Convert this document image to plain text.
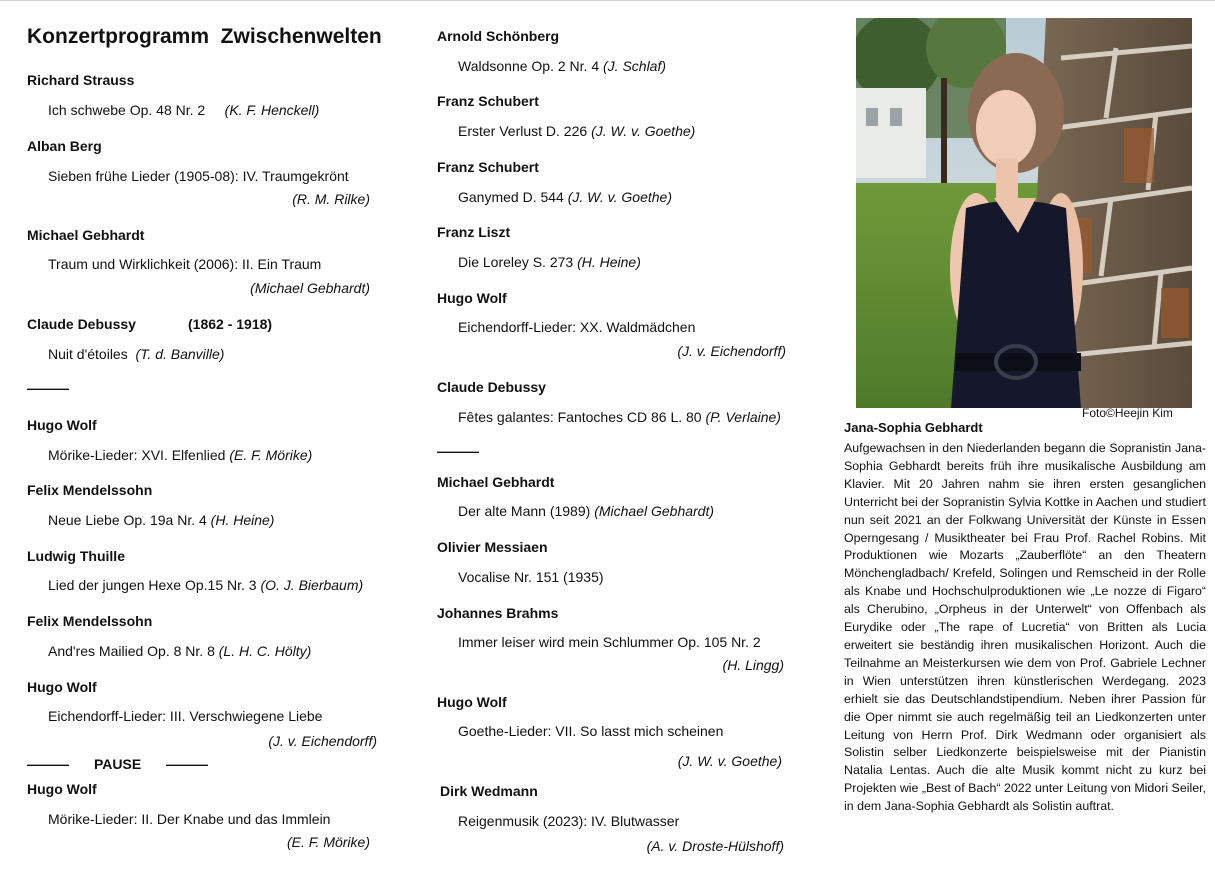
Konzertprogramm  Zwischenwelten
Richard Strauss
Ich schwebe Op. 48 Nr. 2 (K. F. Henckell)
Alban Berg
Sieben frühe Lieder (1905-08): IV. Traumgekrönt
(R. M. Rilke)
Michael Gebhardt
Traum und Wirklichkeit (2006): II. Ein Traum
(Michael Gebhardt)
Claude Debussy	(1862 - 1918)
Nuit d'étoiles (T. d. Banville)
———
Hugo Wolf
Mörike-Lieder: XVI. Elfenlied (E. F. Mörike)
Felix Mendelssohn
Neue Liebe Op. 19a Nr. 4 (H. Heine)
Ludwig Thuille
Lied der jungen Hexe Op.15 Nr. 3 (O. J. Bierbaum)
Felix Mendelssohn
And'res Mailied Op. 8 Nr. 8 (L. H. C. Hölty)
Hugo Wolf
Eichendorff-Lieder: III. Verschwiegene Liebe
(J. v. Eichendorff)
——— PAUSE ———
Hugo Wolf
Mörike-Lieder: II. Der Knabe und das Immlein
(E. F. Mörike)
Arnold Schönberg
Waldsonne Op. 2 Nr. 4 (J. Schlaf)
Franz Schubert
Erster Verlust D. 226 (J. W. v. Goethe)
Franz Schubert
Ganymed D. 544 (J. W. v. Goethe)
Franz Liszt
Die Loreley S. 273 (H. Heine)
Hugo Wolf
Eichendorff-Lieder: XX. Waldmädchen
(J. v. Eichendorff)
Claude Debussy
Fêtes galantes: Fantoches CD 86 L. 80 (P. Verlaine)
———
Michael Gebhardt
Der alte Mann (1989) (Michael Gebhardt)
Olivier Messiaen
Vocalise Nr. 151 (1935)
Johannes Brahms
Immer leiser wird mein Schlummer Op. 105 Nr. 2
(H. Lingg)
Hugo Wolf
Goethe-Lieder: VII. So lasst mich scheinen
(J. W. v. Goethe)
Dirk Wedmann
Reigenmusik (2023): IV. Blutwasser
(A. v. Droste-Hülshoff)
Foto©Heejin Kim
Jana-Sophia Gebhardt

Aufgewachsen in den Niederlanden begann die Sopranistin Jana-Sophia Gebhardt bereits früh ihre musikalische Ausbildung am Klavier. Mit 20 Jahren nahm sie ihren ersten gesanglichen Unterricht bei der Sopranistin Sylvia Kottke in Aachen und studiert nun seit 2021 an der Folkwang Universität der Künste in Essen Operngesang / Musiktheater bei Frau Prof. Rachel Robins. Mit Produktionen wie Mozarts „Zauberflöte“ an den Theatern Mönchengladbach/ Krefeld, Solingen und Remscheid in der Rolle als Knabe und Hochschulproduktionen wie „Le nozze di Figaro“ als Cherubino, „Orpheus in der Unterwelt“ von Offenbach als Eurydike oder „The rape of Lucretia“ von Britten als Lucia erweitert sie beständig ihren musikalischen Horizont. Auch die Teilnahme an Meisterkursen wie dem von Prof. Gabriele Lechner in Wien unterstützen ihren künstlerischen Werdegang. 2023 erhielt sie das Deutschlandstipendium. Neben ihrer Passion für die Oper nimmt sie auch regelmäßig teil an Liedkonzerten unter Leitung von Herrn Prof. Dirk Wedmann oder organisiert als Solistin selber Liedkonzerte beispielsweise mit der Pianistin Natalia Lentas. Auch die alte Musik kommt nicht zu kurz bei Projekten wie „Best of Bach“ 2022 unter Leitung von Midori Seiler, in dem Jana-Sophia Gebhardt als Solistin auftrat.
